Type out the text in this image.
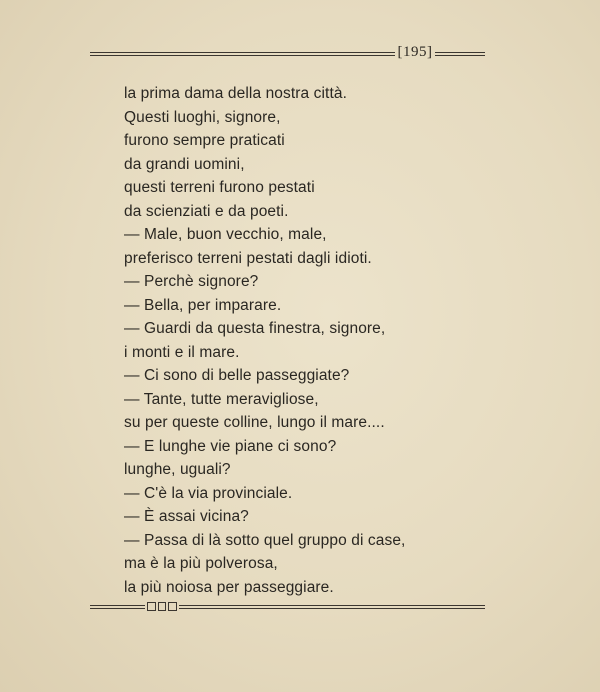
[195]
la prima dama della nostra città.
Questi luoghi, signore,
furono sempre praticati
da grandi uomini,
questi terreni furono pestati
da scienziati e da poeti.
— Male, buon vecchio, male,
preferisco terreni pestati dagli idioti.
— Perchè signore?
— Bella, per imparare.
— Guardi da questa finestra, signore,
i monti e il mare.
— Ci sono di belle passeggiate?
— Tante, tutte meravigliose,
su per queste colline, lungo il mare....
— E lunghe vie piane ci sono?
lunghe, uguali?
— C'è la via provinciale.
— È assai vicina?
— Passa di là sotto quel gruppo di case,
ma è la più polverosa,
la più noiosa per passeggiare.
